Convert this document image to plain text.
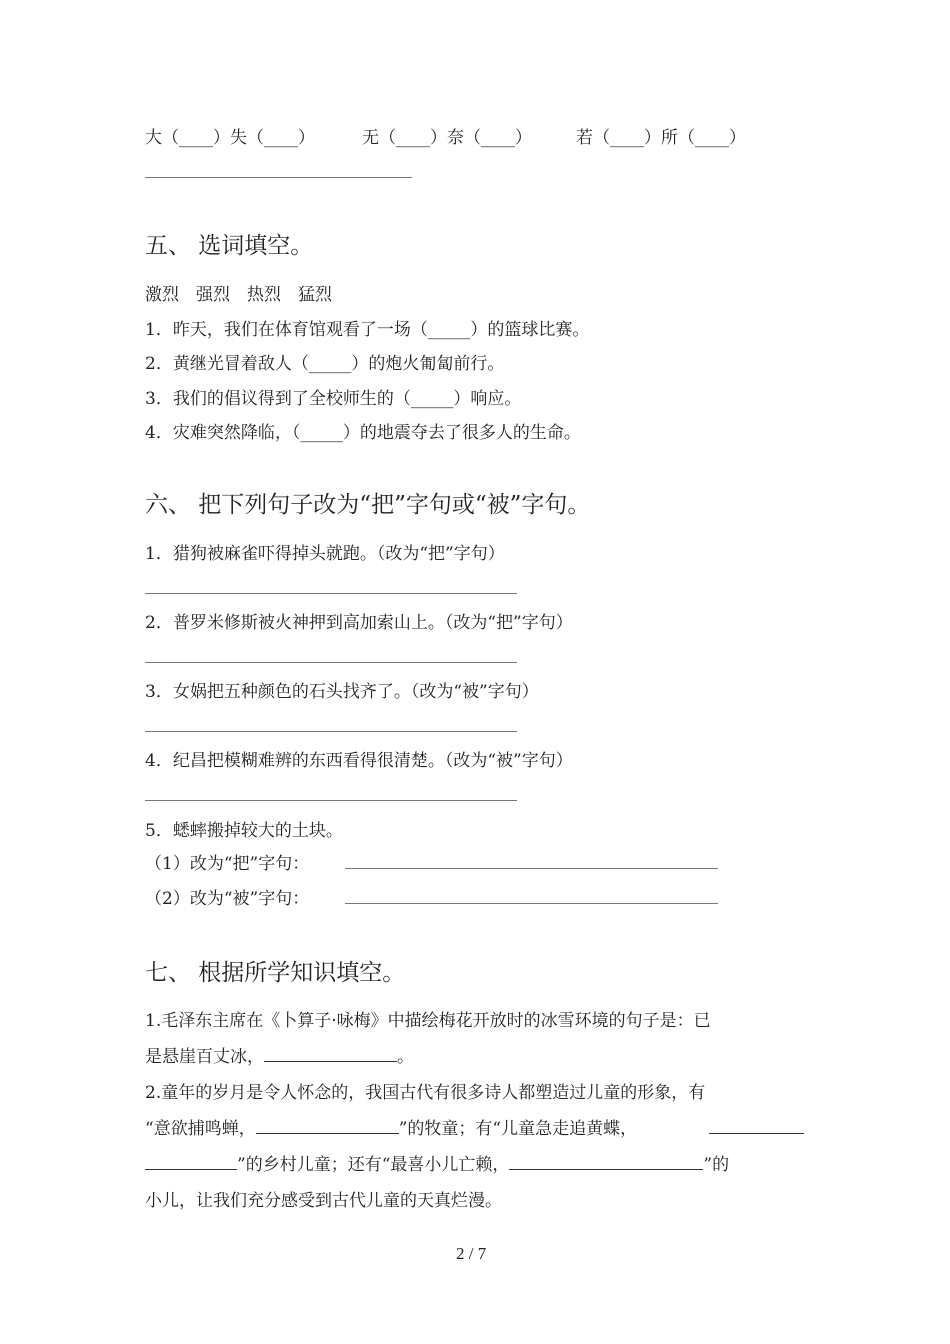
大（____）失（____）	无（____）奈（____）	若（____）所（____）
五、 选词填空。
激烈　强烈　热烈　猛烈
1．昨天，我们在体育馆观看了一场（_____）的篮球比赛。
2．黄继光冒着敌人（_____）的炮火匍匐前行。
3．我们的倡议得到了全校师生的（_____）响应。
4．灾难突然降临，（_____）的地震夺去了很多人的生命。
六、 把下列句子改为“把”字句或“被”字句。
1．猎狗被麻雀吓得掉头就跑。（改为“把”字句）
2．普罗米修斯被火神押到高加索山上。（改为“把”字句）
3．女娲把五种颜色的石头找齐了。（改为“被”字句）
4．纪昌把模糊难辨的东西看得很清楚。（改为“被”字句）
5．蟋蟀搬掉较大的土块。
（1）改为“把”字句：
（2）改为“被”字句：
七、 根据所学知识填空。
1.毛泽东主席在《卜算子·咏梅》中描绘梅花开放时的冰雪环境的句子是：已
是悬崖百丈冰，	。
2.童年的岁月是令人怀念的，我国古代有很多诗人都塑造过儿童的形象，有
“意欲捕鸣蝉，	”的牧童；有“儿童急走追黄蝶，
”的乡村儿童；还有“最喜小儿亡赖，	”的
小儿，让我们充分感受到古代儿童的天真烂漫。
2 / 7
